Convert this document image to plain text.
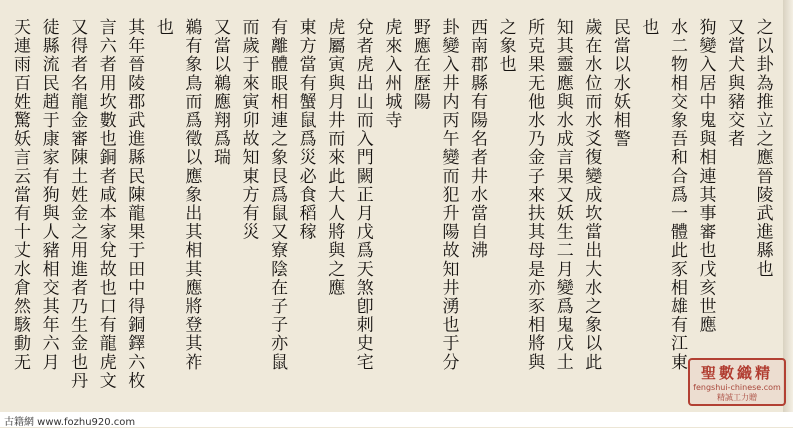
之以卦為推立之應晉陵武進縣也
又當犬與豬交者
狗變入居中鬼與相連其事審也戊亥世應
水二物相交象吾和合爲一體此豕相雄有江東
也
民當以水妖相警
歲在水位而水爻復變成坎當出大水之象以此
知其靈應與水成言果又妖生二月變爲鬼戊土
所克果无他水乃金子來扶其母是亦豕相將與
之象也
西南郡縣有陽名者井水當自沸
卦變入井内丙午變而犯升陽故知井湧也于分
野應在歷陽
虎來入州城寺
兌者虎出山而入門闕正月戊爲天煞卽刺史宅
虎屬寅與月井而來此大人將與之應
東方當有蟹鼠爲災必食稻稼
有離體眼相連之象艮爲鼠又寮陰在子子亦鼠
而歲于來寅卯故知東方有災
又當以鵜應翔爲瑞
鵜有象鳥而爲徵以應象出其相其應將登其祚
也
其年晉陵郡武進縣民陳龍果于田中得銅鐸六枚
言六者用坎數也銅者咸本家兌故也口有龍虎文
又得者名龍金審陳土姓金之用進者乃生金也丹
徒縣流民趙于康家有狗與人豬相交其年六月
天連雨百姓驚妖言云當有十丈水倉然駭動无
聖數織精
fengshui-chinese.com
精誠工力贈
古籍網 www.fozhu920.com
